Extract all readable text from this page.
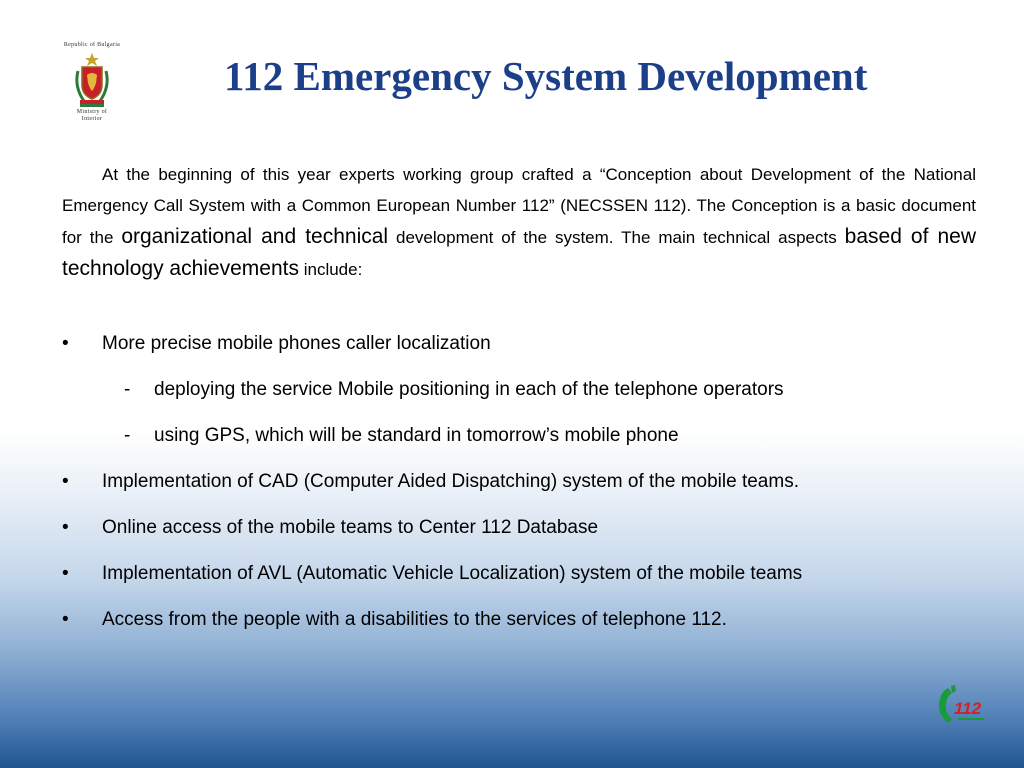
Republic of Bulgaria
Ministry of Interior
112 Emergency System Development

At the beginning of this year experts working group crafted a “Conception about Development of the National Emergency Call System with a Common European Number 112” (NECSSEN 112). The Conception is a basic document for the organizational and technical development of the system. The main technical aspects based of new technology achievements include:

• More precise mobile phones caller localization
- deploying the service Mobile positioning in each of the telephone operators
- using GPS, which will be standard in tomorrow’s mobile phone
• Implementation of CAD (Computer Aided Dispatching) system of the mobile teams.
• Online access of the mobile teams to Center 112 Database
• Implementation of AVL (Automatic Vehicle Localization) system of the mobile teams
• Access from the people with a disabilities to the services of telephone 112.
112
